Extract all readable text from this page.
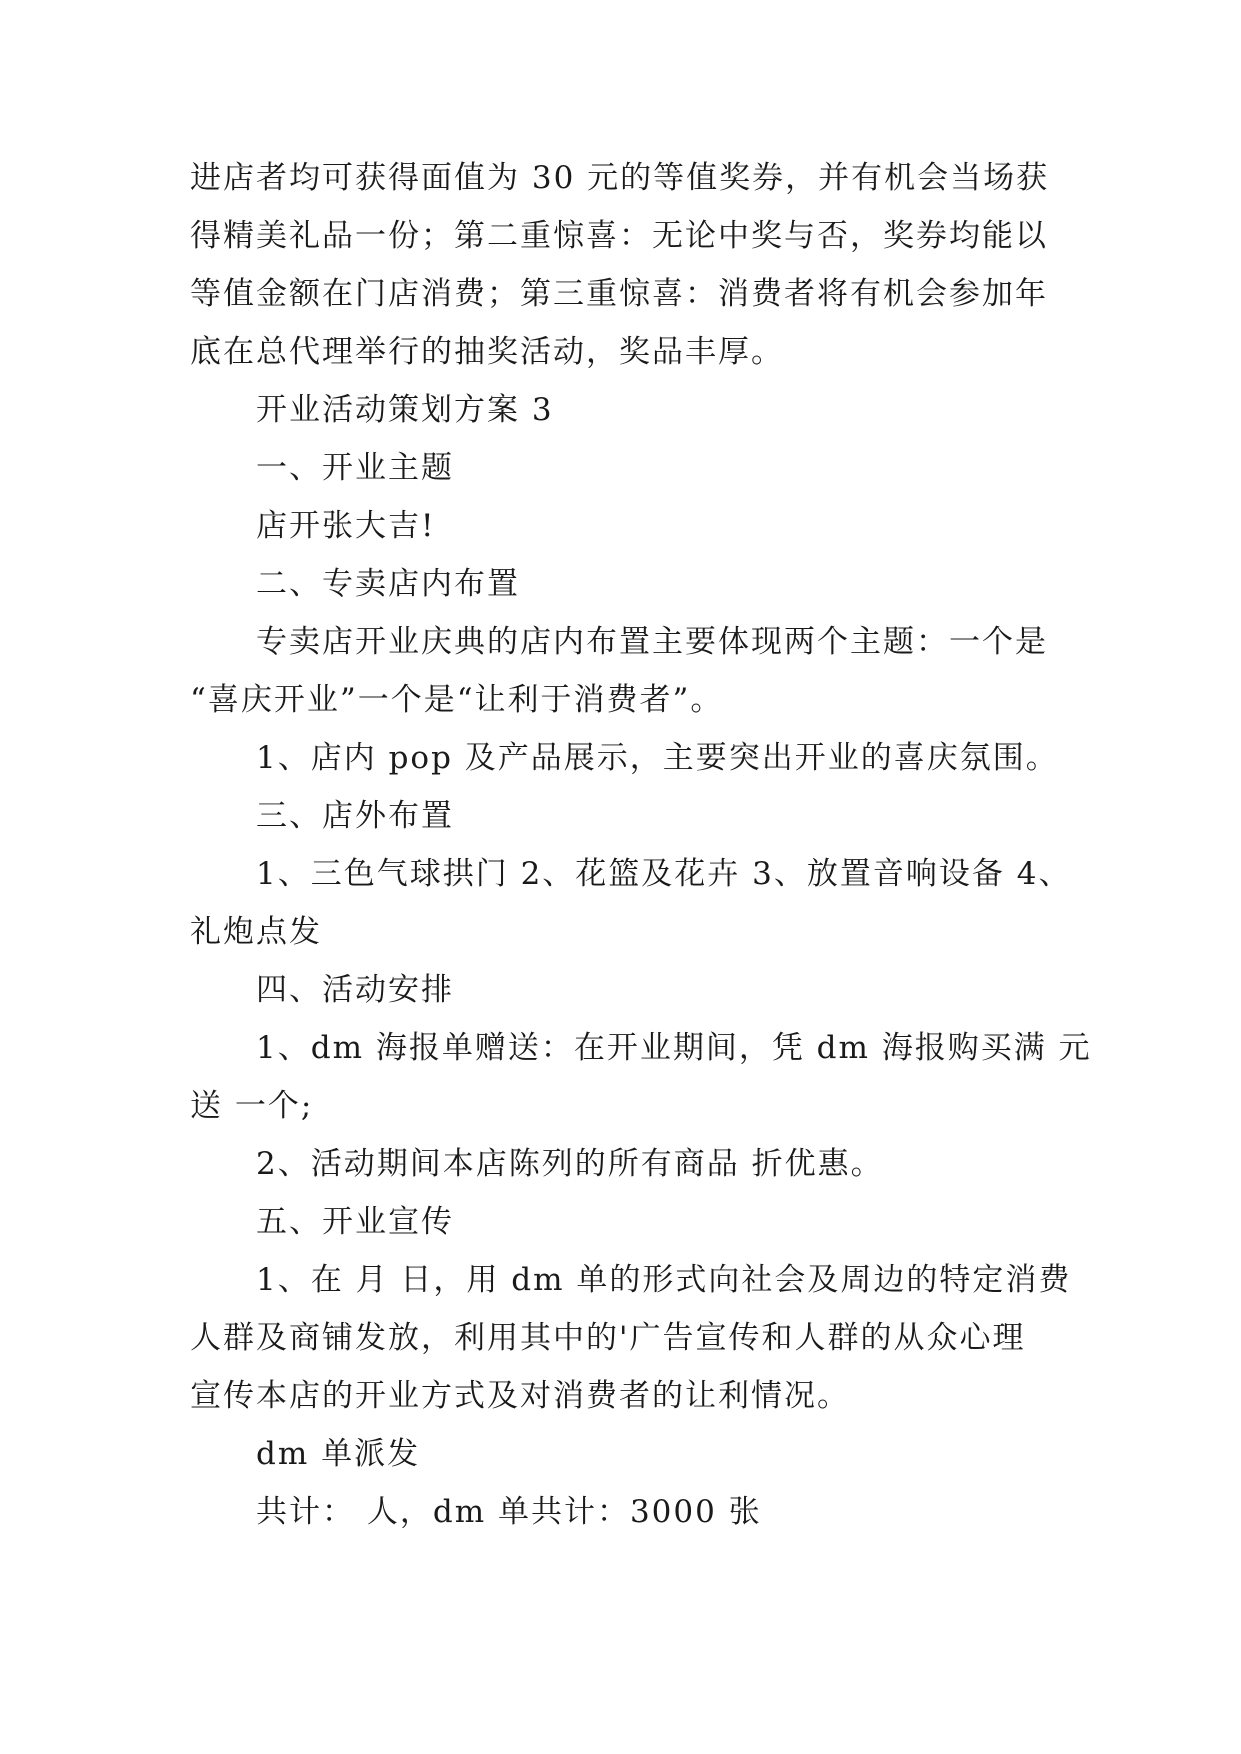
进店者均可获得面值为 30 元的等值奖券，并有机会当场获
得精美礼品一份；第二重惊喜：无论中奖与否，奖券均能以
等值金额在门店消费；第三重惊喜：消费者将有机会参加年
底在总代理举行的抽奖活动，奖品丰厚。
开业活动策划方案 3
一、开业主题
店开张大吉!
二、专卖店内布置
专卖店开业庆典的店内布置主要体现两个主题：一个是
“喜庆开业”一个是“让利于消费者”。
1、店内 pop 及产品展示，主要突出开业的喜庆氛围。
三、店外布置
1、三色气球拱门 2、花篮及花卉 3、放置音响设备 4、
礼炮点发
四、活动安排
1、dm 海报单赠送：在开业期间，凭 dm 海报购买满 元
送 一个;
2、活动期间本店陈列的所有商品 折优惠。
五、开业宣传
1、在 月 日，用 dm 单的形式向社会及周边的特定消费
人群及商铺发放，利用其中的'广告宣传和人群的从众心理
宣传本店的开业方式及对消费者的让利情况。
dm 单派发
共计： 人，dm 单共计：3000 张
